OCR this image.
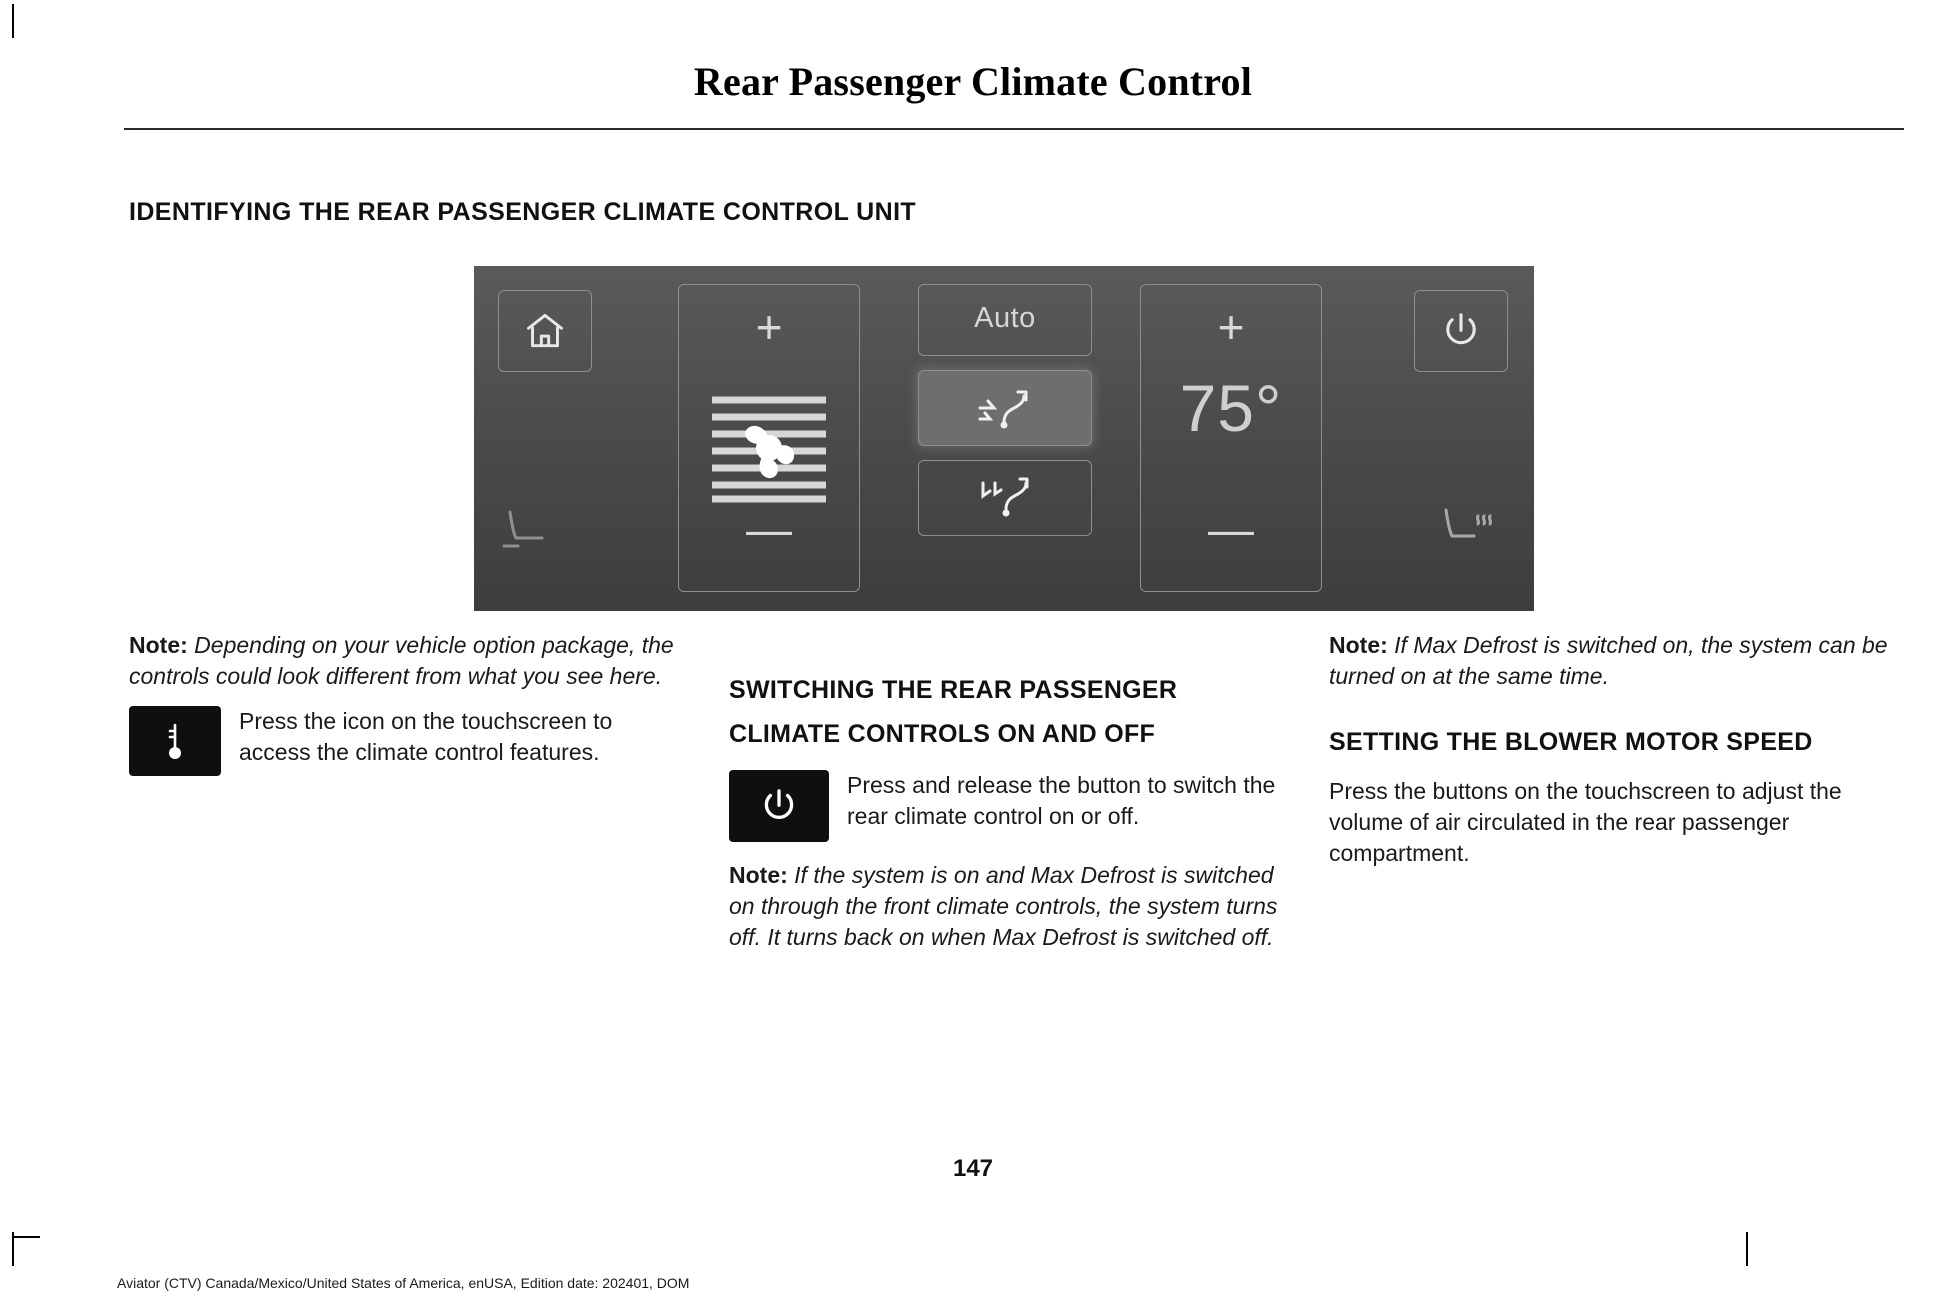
Rear Passenger Climate Control
IDENTIFYING THE REAR PASSENGER CLIMATE CONTROL UNIT
+
—
Auto	+
—
75°

Note: Depending on your vehicle option package, the controls could look different from what you see here.

Press the icon on the touchscreen to access the climate control features.

SWITCHING THE REAR PASSENGER CLIMATE CONTROLS ON AND OFF

Press and release the button to switch the rear climate control on or off.

Note: If the system is on and Max Defrost is switched on through the front climate controls, the system turns off. It turns back on when Max Defrost is switched off.

Note: If Max Defrost is switched on, the system can be turned on at the same time.

SETTING THE BLOWER MOTOR SPEED

Press the buttons on the touchscreen to adjust the volume of air circulated in the rear passenger compartment.

147
Aviator (CTV) Canada/Mexico/United States of America, enUSA, Edition date: 202401, DOM
